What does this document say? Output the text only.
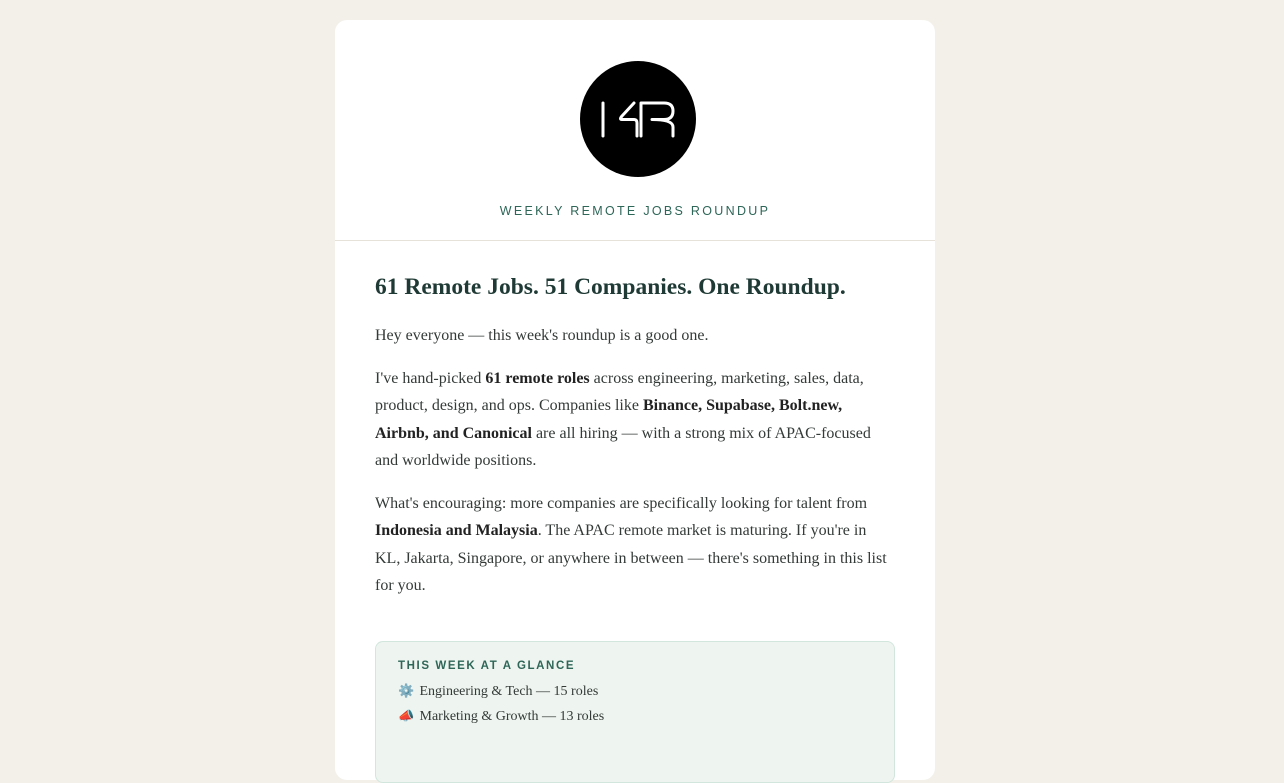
WEEKLY REMOTE JOBS ROUNDUP
61 Remote Jobs. 51 Companies. One Roundup.

Hey everyone — this week's roundup is a good one.

I've hand-picked 61 remote roles across engineering, marketing, sales, data, product, design, and ops. Companies like Binance, Supabase, Bolt.new, Airbnb, and Canonical are all hiring — with a strong mix of APAC-focused and worldwide positions.

What's encouraging: more companies are specifically looking for talent from Indonesia and Malaysia. The APAC remote market is maturing. If you're in KL, Jakarta, Singapore, or anywhere in between — there's something in this list for you.

THIS WEEK AT A GLANCE
⚙️ Engineering & Tech — 15 roles
📣 Marketing & Growth — 13 roles
